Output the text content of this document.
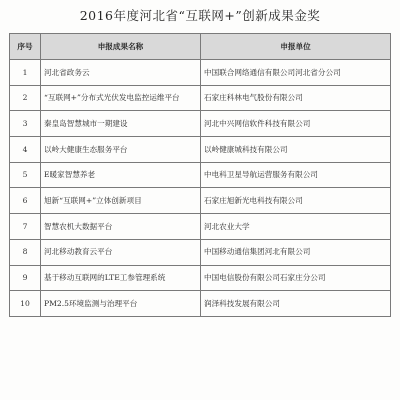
2016年度河北省“互联网+”创新成果金奖
序号	申报成果名称	申报单位
1	河北省政务云	中国联合网络通信有限公司河北省分公司
2	“互联网+”分布式光伏发电监控运维平台	石家庄科林电气股份有限公司
3	秦皇岛智慧城市一期建设	河北中兴网信软件科技有限公司
4	以岭大健康生态服务平台	以岭健康城科技有限公司
5	E暖家智慧养老	中电科卫星导航运营服务有限公司
6	旭新“互联网+”立体创新项目	石家庄旭新光电科技有限公司
7	智慧农机大数据平台	河北农业大学
8	河北移动教育云平台	中国移动通信集团河北有限公司
9	基于移动互联网的LTE工参管理系统	中国电信股份有限公司石家庄分公司
10	PM2.5环境监测与治理平台	润泽科技发展有限公司
